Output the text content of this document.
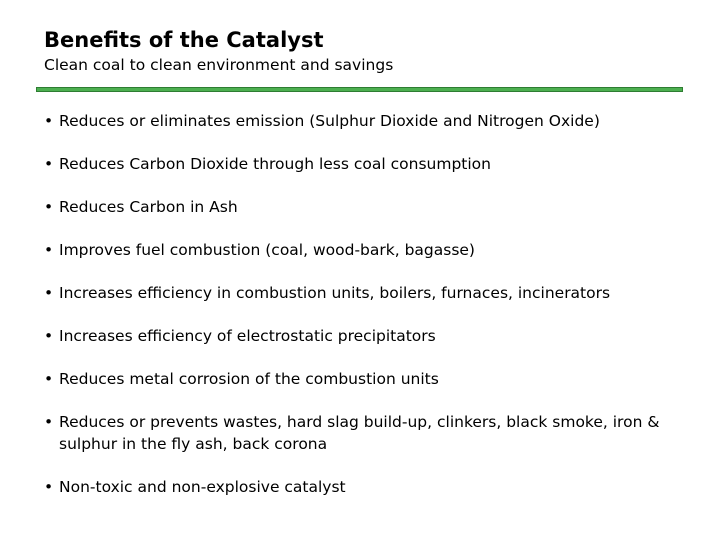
Benefits of the Catalyst
Clean coal to clean environment and savings
• Reduces or eliminates emission (Sulphur Dioxide and Nitrogen Oxide)
• Reduces Carbon Dioxide through less coal consumption
• Reduces Carbon in Ash
• Improves fuel combustion (coal, wood-bark, bagasse)
• Increases efficiency in combustion units, boilers, furnaces, incinerators
• Increases efficiency of electrostatic precipitators
• Reduces metal corrosion of the combustion units
• Reduces or prevents wastes, hard slag build-up, clinkers, black smoke, iron & sulphur in the fly ash, back corona
• Non-toxic and non-explosive catalyst
